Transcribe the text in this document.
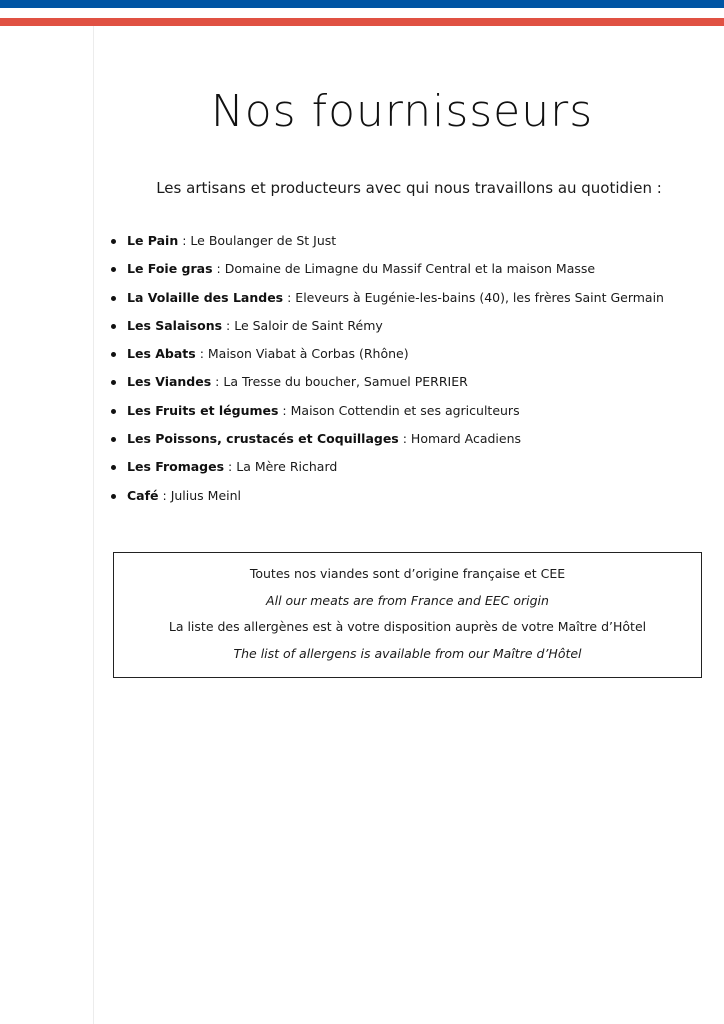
Nos fournisseurs

Les artisans et producteurs avec qui nous travaillons au quotidien :

Le Pain : Le Boulanger de St Just
Le Foie gras : Domaine de Limagne du Massif Central et la maison Masse
La Volaille des Landes : Eleveurs à Eugénie-les-bains (40), les frères Saint Germain
Les Salaisons : Le Saloir de Saint Rémy
Les Abats : Maison Viabat à Corbas (Rhône)
Les Viandes : La Tresse du boucher, Samuel PERRIER
Les Fruits et légumes : Maison Cottendin et ses agriculteurs
Les Poissons, crustacés et Coquillages : Homard Acadiens
Les Fromages : La Mère Richard
Café : Julius Meinl
Toutes nos viandes sont d’origine française et CEE
All our meats are from France and EEC origin
La liste des allergènes est à votre disposition auprès de votre Maître d’Hôtel
The list of allergens is available from our Maître d’Hôtel
